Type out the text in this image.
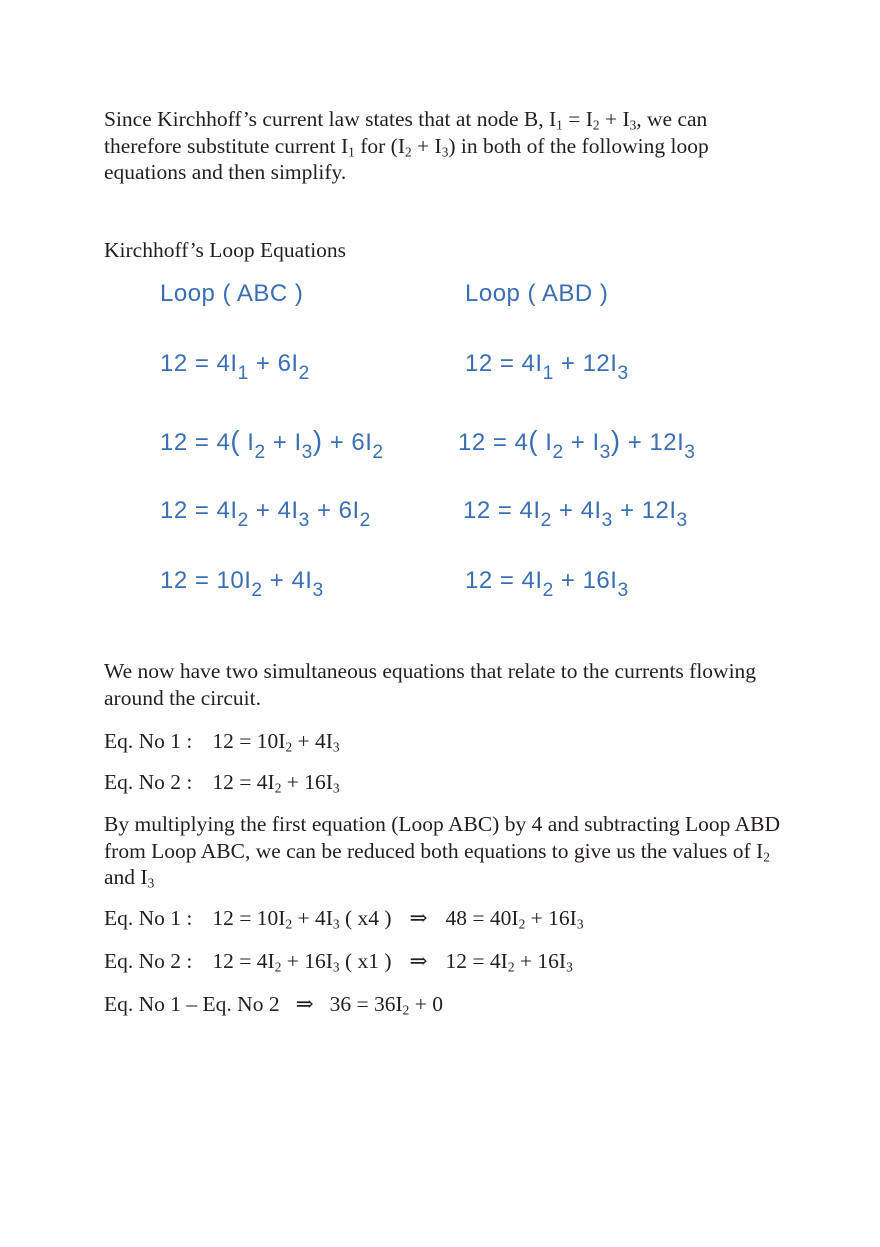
Since Kirchhoff’s current law states that at node B, $I_1 = I_2 + I_3$, we can therefore substitute current $I_1$ for $(I_2 + I_3)$ in both of the following loop equations and then simplify.

Kirchhoff’s Loop Equations
Loop ( ABC )
$12 = 4I_1 + 6I_2$
12 = 4( $I_2 + I_3) + 6I_2$
$12 = 4I_2 + 4I_3 + 6I_2$
$12 = 10I_2 + 4I_3$
Loop ( ABD )
$12 = 4I_1 + 12I_3$
12 = 4( $I_2 + I_3) + 12I_3$
$12 = 4I_2 + 4I_3 + 12I_3$
$12 = 4I_2 + 16I_3$

We now have two simultaneous equations that relate to the currents flowing around the circuit.

Eq. No 1 : $12 = 10I_2 + 4I_3$
Eq. No 2 : $12 = 4I_2 + 16I_3$

By multiplying the first equation (Loop ABC) by 4 and subtracting Loop ABD from Loop ABC, we can be reduced both equations to give us the values of $I_2$ and $I_3$

Eq. No 1 : $12 = 10I_2 + 4I_3$ ( x4 ) ⇒ $48 = 40I_2 + 16I_3$
Eq. No 2 : $12 = 4I_2 + 16I_3$ ( x1 ) ⇒ $12 = 4I_2 + 16I_3$
Eq. No 1 – Eq. No 2 ⇒ $36 = 36I_2 + 0$
